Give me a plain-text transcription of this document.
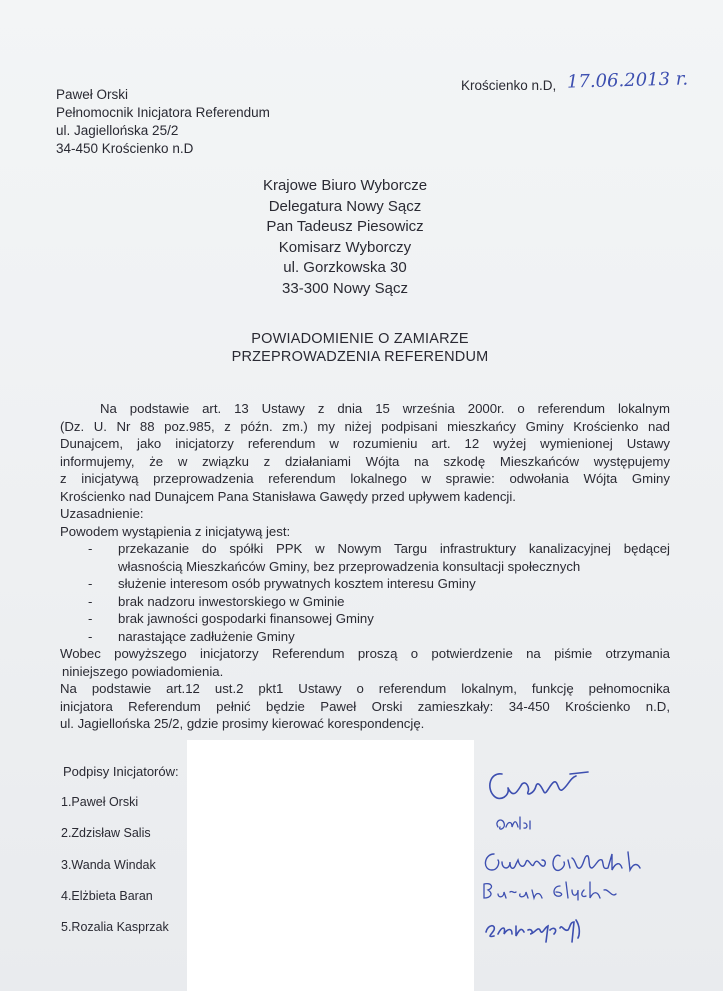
Paweł Orski
Pełnomocnik Inicjatora Referendum
ul. Jagiellońska 25/2
34-450 Krościenko n.D
Krościenko n.D, 17.06.2013 r.
Krajowe Biuro Wyborcze
Delegatura Nowy Sącz
Pan Tadeusz Piesowicz
Komisarz Wyborczy
ul. Gorzkowska 30
33-300 Nowy Sącz
POWIADOMIENIE O ZAMIARZE
PRZEPROWADZENIA REFERENDUM
Na podstawie art. 13 Ustawy z dnia 15 września 2000r. o referendum lokalnym
(Dz. U. Nr 88 poz.985, z późn. zm.) my niżej podpisani mieszkańcy Gminy Krościenko nad
Dunajcem, jako inicjatorzy referendum w rozumieniu art. 12 wyżej wymienionej Ustawy
informujemy, że w związku z działaniami Wójta na szkodę Mieszkańców występujemy
z inicjatywą przeprowadzenia referendum lokalnego w sprawie: odwołania Wójta Gminy
Krościenko nad Dunajcem Pana Stanisława Gawędy przed upływem kadencji.
Uzasadnienie:
Powodem wystąpienia z inicjatywą jest:
- przekazanie do spółki PPK w Nowym Targu infrastruktury kanalizacyjnej będącej
własnością Mieszkańców Gminy, bez przeprowadzenia konsultacji społecznych
- służenie interesom osób prywatnych kosztem interesu Gminy
- brak nadzoru inwestorskiego w Gminie
- brak jawności gospodarki finansowej Gminy
- narastające zadłużenie Gminy
Wobec powyższego inicjatorzy Referendum proszą o potwierdzenie na piśmie otrzymania
niniejszego powiadomienia.
Na podstawie art.12 ust.2 pkt1 Ustawy o referendum lokalnym, funkcję pełnomocnika
inicjatora Referendum pełnić będzie Paweł Orski zamieszkały: 34-450 Krościenko n.D,
ul. Jagiellońska 25/2, gdzie prosimy kierować korespondencję.
Podpisy Inicjatorów:
1.Paweł Orski
2.Zdzisław Salis
3.Wanda Windak
4.Elżbieta Baran
5.Rozalia Kasprzak
